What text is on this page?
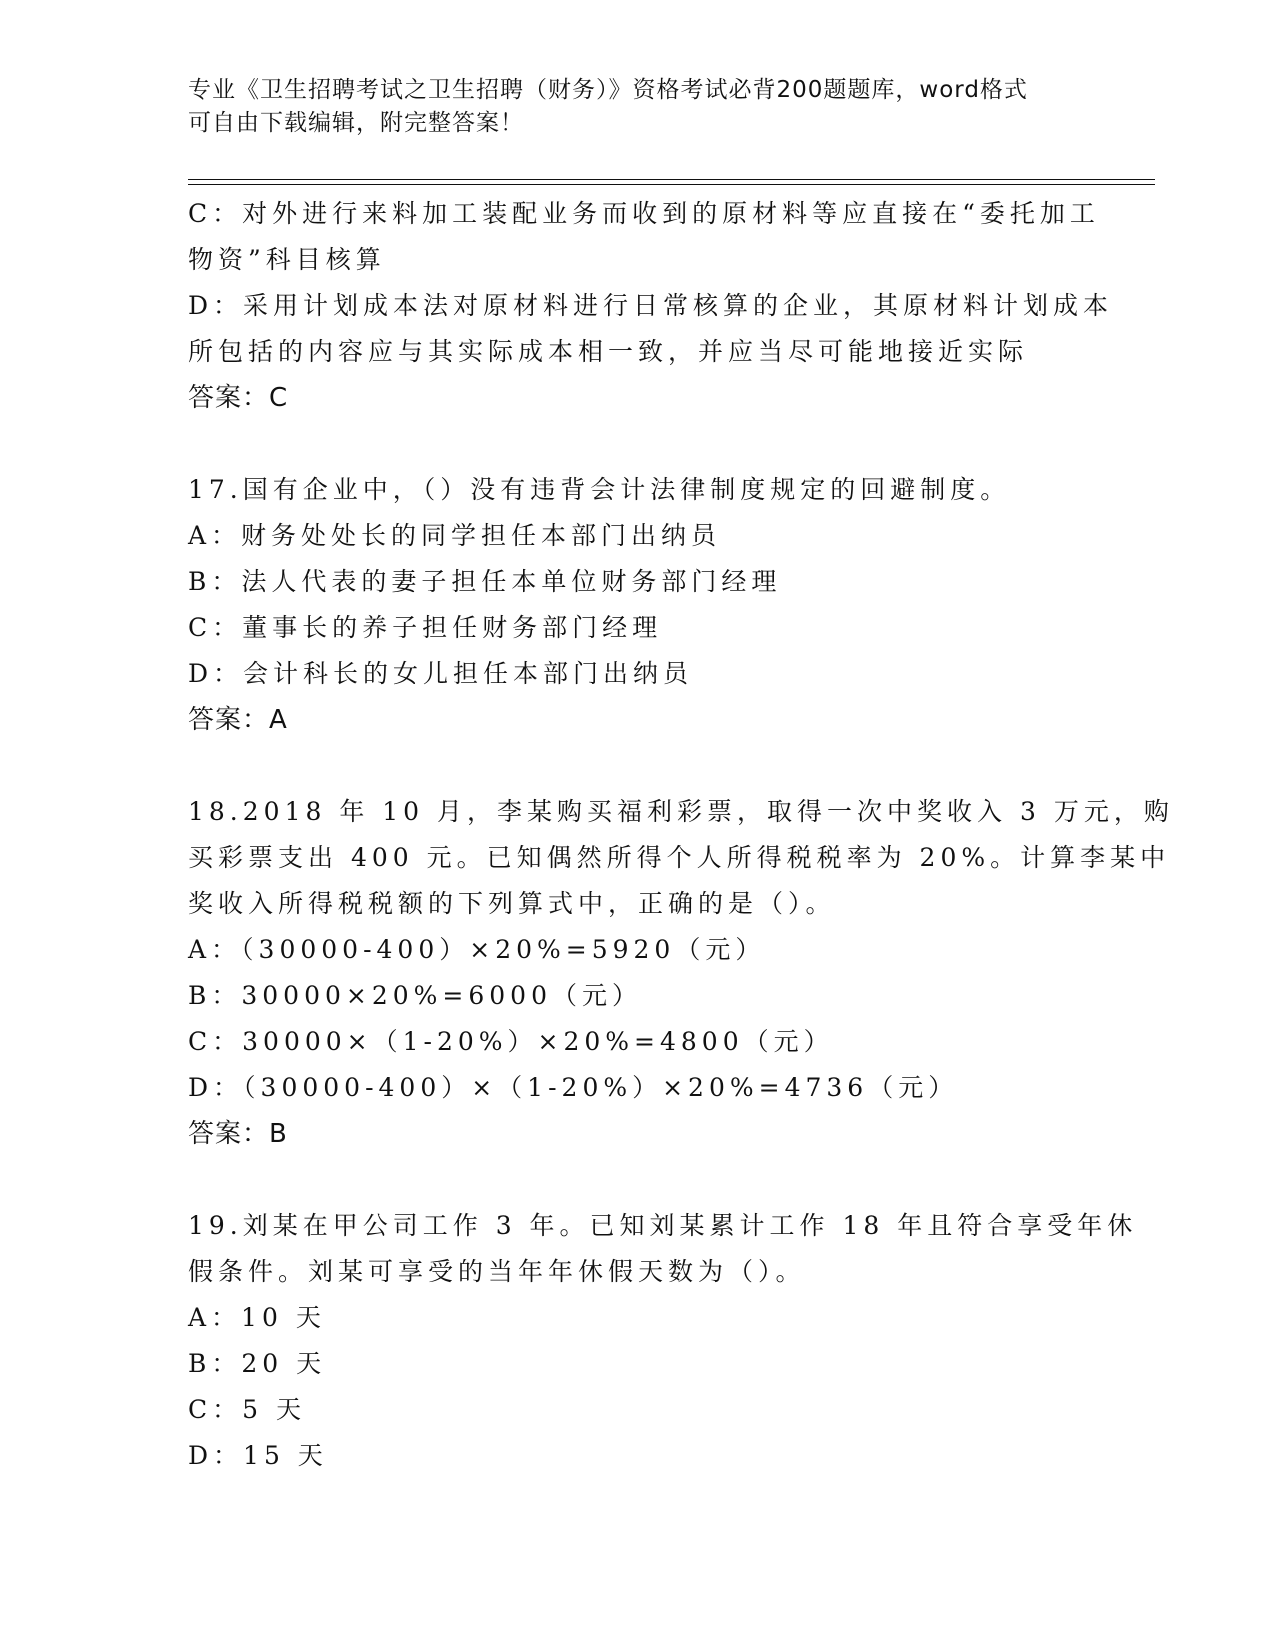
专业《卫生招聘考试之卫生招聘（财务）》资格考试必背200题题库，word格式
可自由下载编辑，附完整答案！
C：对外进行来料加工装配业务而收到的原材料等应直接在“委托加工
物资”科目核算
D：采用计划成本法对原材料进行日常核算的企业，其原材料计划成本
所包括的内容应与其实际成本相一致，并应当尽可能地接近实际
答案：C
17.国有企业中，（）没有违背会计法律制度规定的回避制度。
A：财务处处长的同学担任本部门出纳员
B：法人代表的妻子担任本单位财务部门经理
C：董事长的养子担任财务部门经理
D：会计科长的女儿担任本部门出纳员
答案：A
18.2018 年 10 月，李某购买福利彩票，取得一次中奖收入 3 万元，购
买彩票支出 400 元。已知偶然所得个人所得税税率为 20%。计算李某中
奖收入所得税税额的下列算式中，正确的是（）。
A：（30000-400）×20%=5920（元）
B：30000×20%=6000（元）
C：30000×（1-20%）×20%=4800（元）
D：（30000-400）×（1-20%）×20%=4736（元）
答案：B
19.刘某在甲公司工作 3 年。已知刘某累计工作 18 年且符合享受年休
假条件。刘某可享受的当年年休假天数为（）。
A：10 天
B：20 天
C：5 天
D：15 天
